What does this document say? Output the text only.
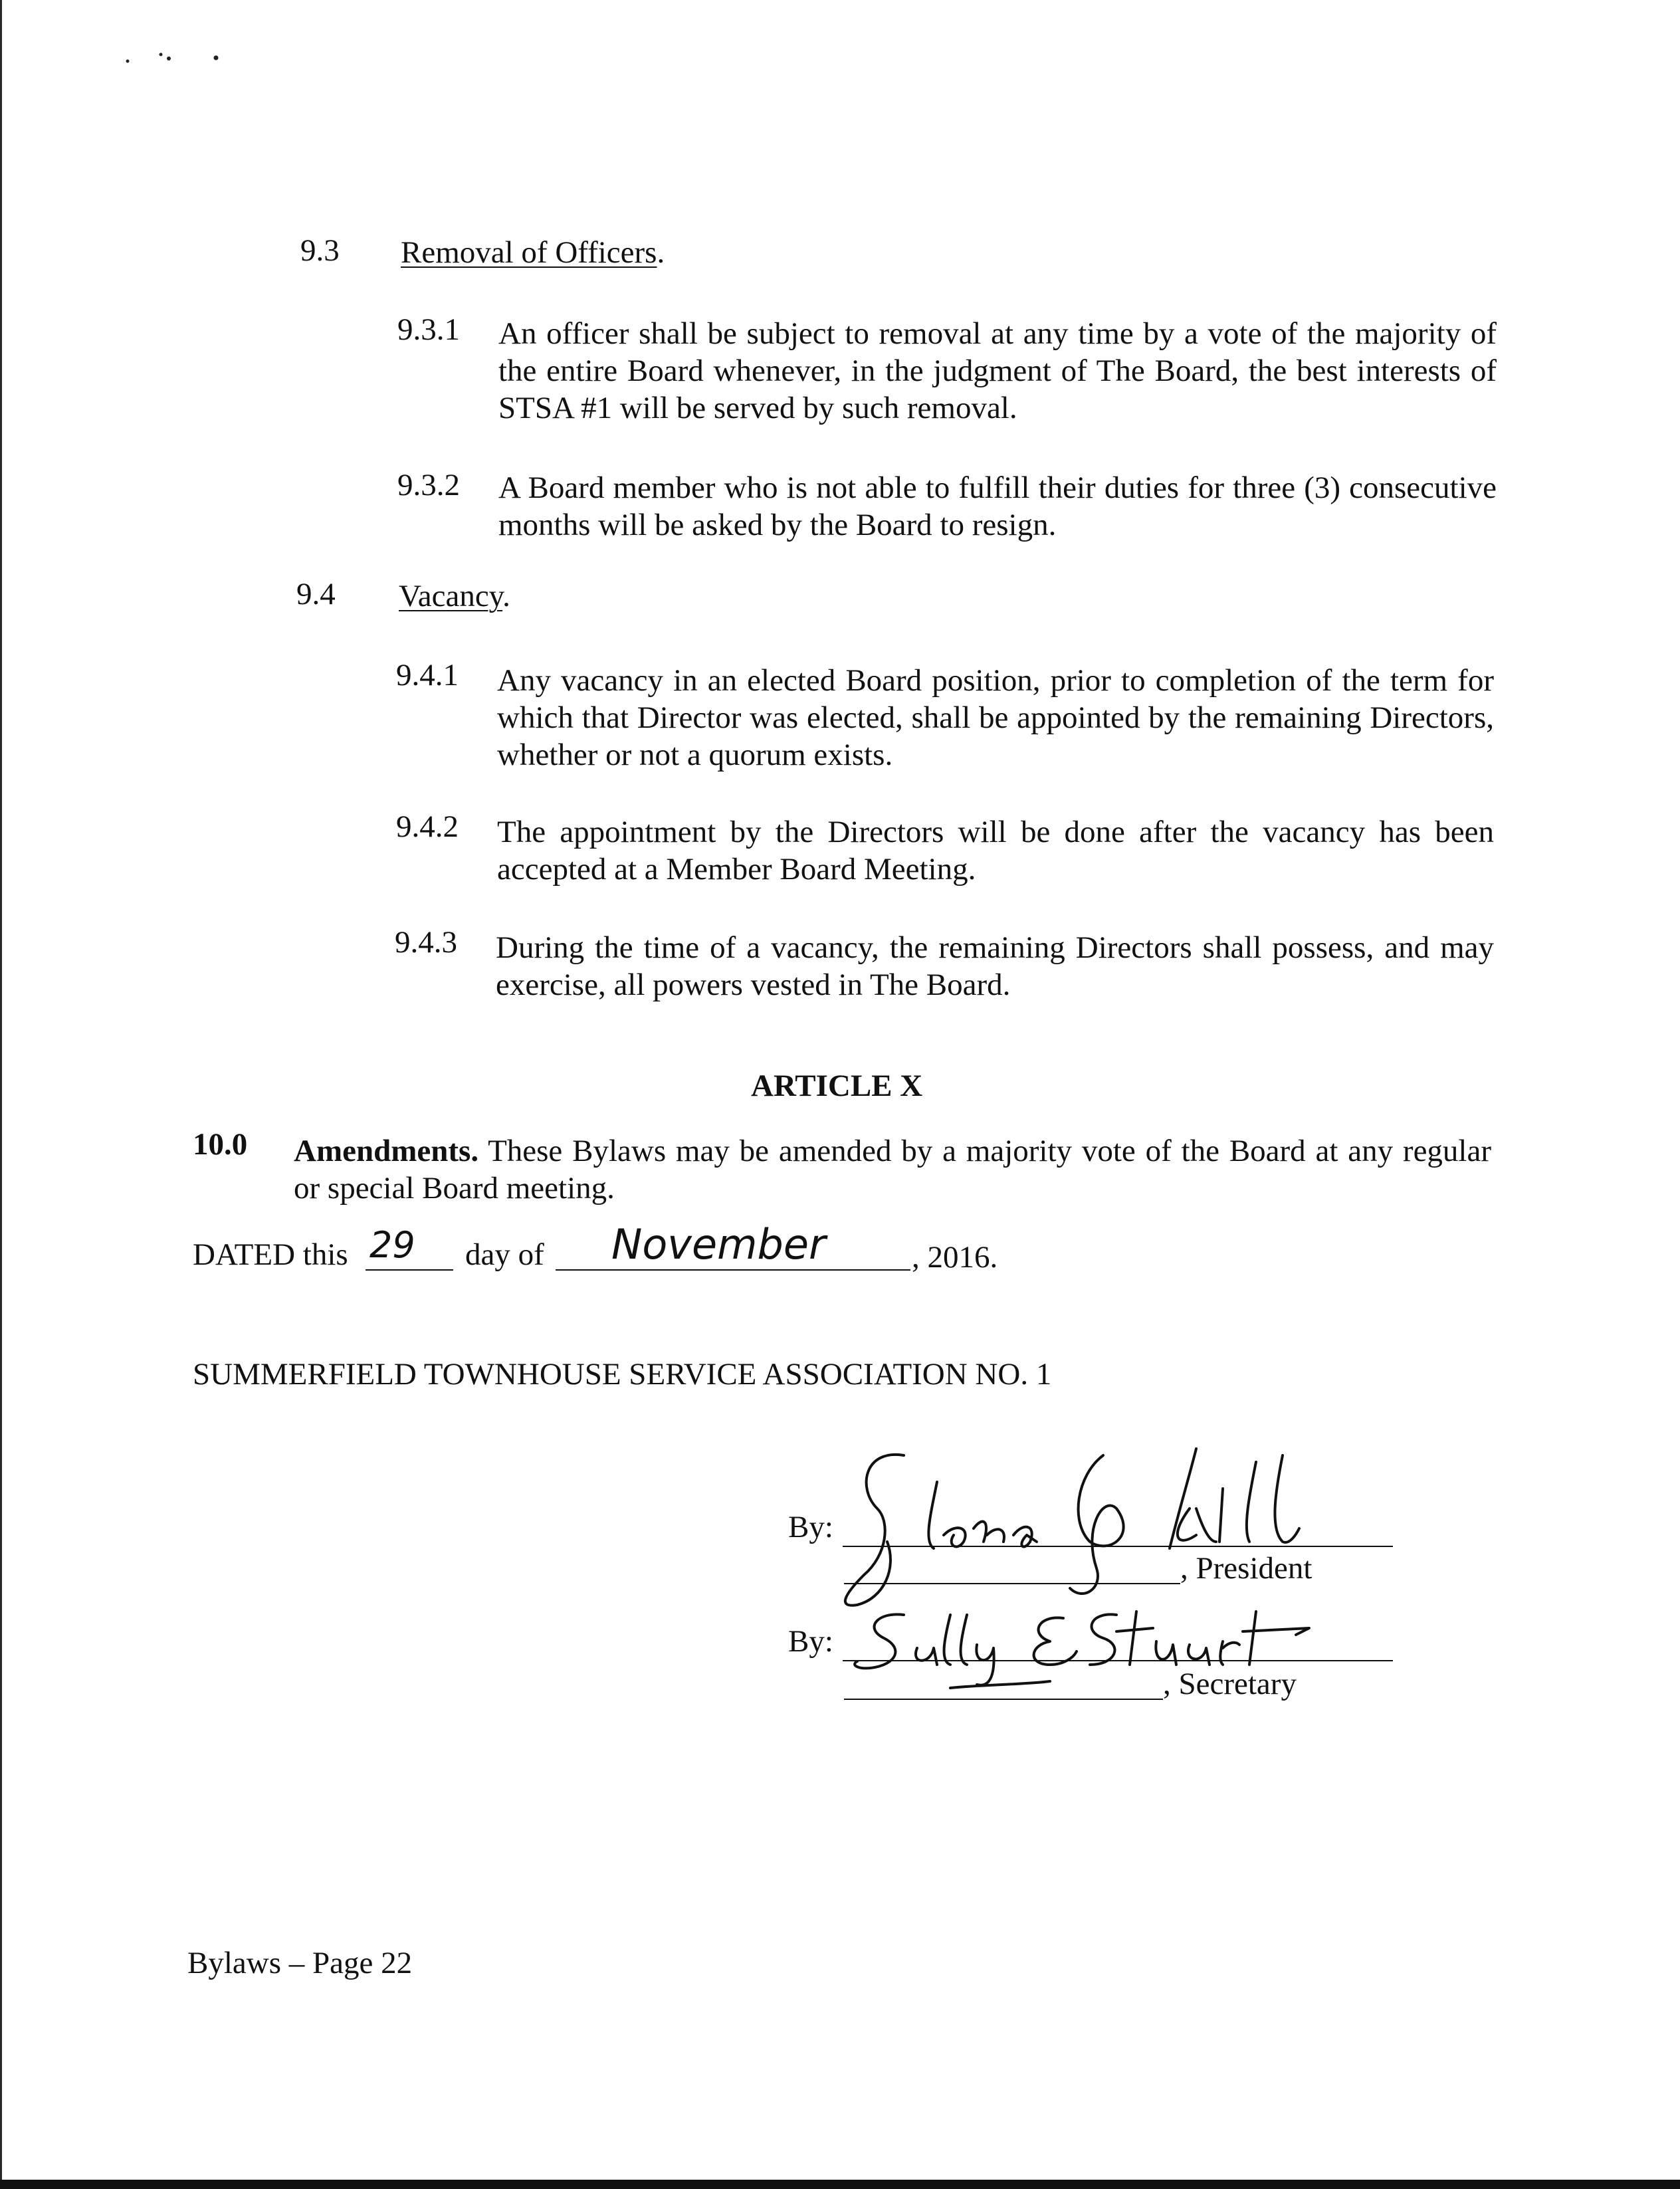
9.3 Removal of Officers.
9.3.1 An officer shall be subject to removal at any time by a vote of the majority of the entire Board whenever, in the judgment of The Board, the best interests of STSA #1 will be served by such removal.
9.3.2 A Board member who is not able to fulfill their duties for three (3) consecutive months will be asked by the Board to resign.
9.4 Vacancy.
9.4.1 Any vacancy in an elected Board position, prior to completion of the term for which that Director was elected, shall be appointed by the remaining Directors, whether or not a quorum exists.
9.4.2 The appointment by the Directors will be done after the vacancy has been accepted at a Member Board Meeting.
9.4.3 During the time of a vacancy, the remaining Directors shall possess, and may exercise, all powers vested in The Board.
ARTICLE X
10.0 Amendments. These Bylaws may be amended by a majority vote of the Board at any regular or special Board meeting.
DATED this 29 day of November	, 2016.
SUMMERFIELD TOWNHOUSE SERVICE ASSOCIATION NO. 1
By:
, President
By:
, Secretary
Bylaws – Page 22
